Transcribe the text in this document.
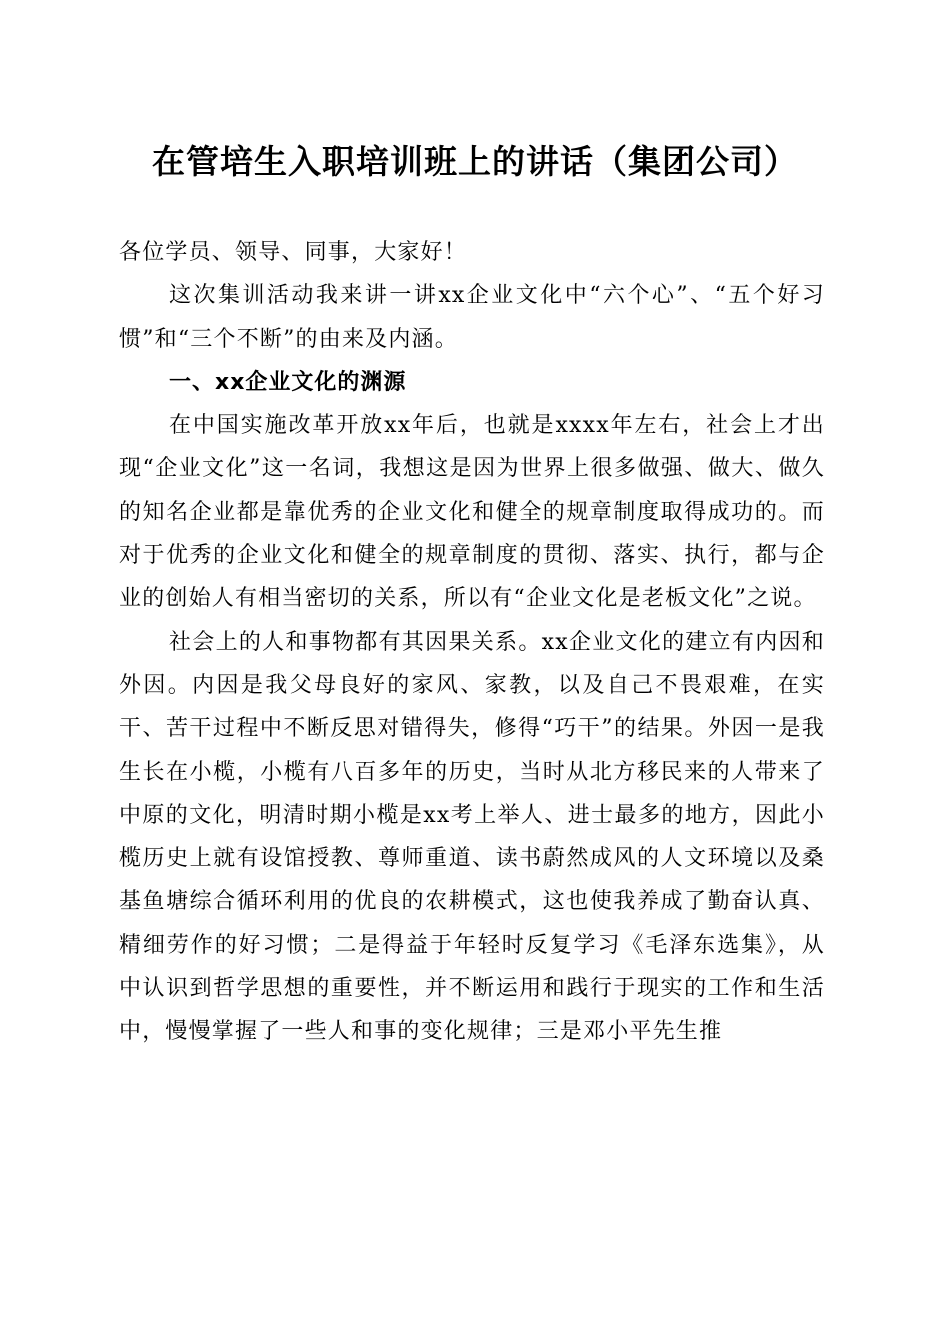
在管培生入职培训班上的讲话（集团公司）

各位学员、领导、同事，大家好！

这次集训活动我来讲一讲xx企业文化中“六个心”、“五个好习惯”和“三个不断”的由来及内涵。

一、xx企业文化的渊源

在中国实施改革开放xx年后，也就是xxxx年左右，社会上才出现“企业文化”这一名词，我想这是因为世界上很多做强、做大、做久的知名企业都是靠优秀的企业文化和健全的规章制度取得成功的。而对于优秀的企业文化和健全的规章制度的贯彻、落实、执行，都与企业的创始人有相当密切的关系，所以有“企业文化是老板文化”之说。

社会上的人和事物都有其因果关系。xx企业文化的建立有内因和外因。内因是我父母良好的家风、家教，以及自己不畏艰难，在实干、苦干过程中不断反思对错得失，修得“巧干”的结果。外因一是我生长在小榄，小榄有八百多年的历史，当时从北方移民来的人带来了中原的文化，明清时期小榄是xx考上举人、进士最多的地方，因此小榄历史上就有设馆授教、尊师重道、读书蔚然成风的人文环境以及桑基鱼塘综合循环利用的优良的农耕模式，这也使我养成了勤奋认真、精细劳作的好习惯；二是得益于年轻时反复学习《毛泽东选集》，从中认识到哲学思想的重要性，并不断运用和践行于现实的工作和生活中，慢慢掌握了一些人和事的变化规律；三是邓小平先生推
